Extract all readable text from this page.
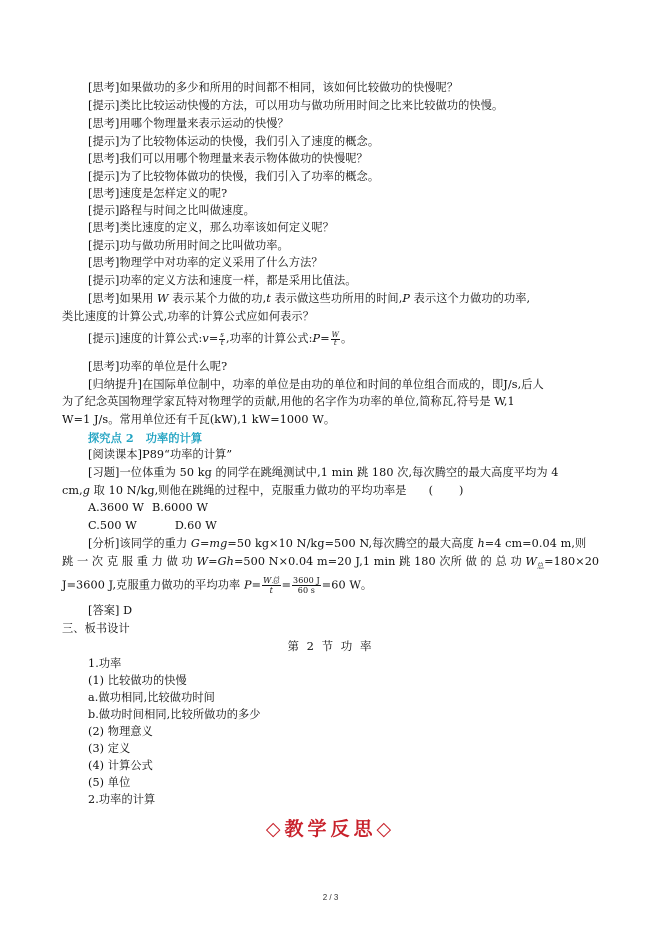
[思考]如果做功的多少和所用的时间都不相同，该如何比较做功的快慢呢？
[提示]类比比较运动快慢的方法，可以用功与做功所用时间之比来比较做功的快慢。
[思考]用哪个物理量来表示运动的快慢？
[提示]为了比较物体运动的快慢，我们引入了速度的概念。
[思考]我们可以用哪个物理量来表示物体做功的快慢呢？
[提示]为了比较物体做功的快慢，我们引入了功率的概念。
[思考]速度是怎样定义的呢?
[提示]路程与时间之比叫做速度。
[思考]类比速度的定义，那么功率该如何定义呢？
[提示]功与做功所用时间之比叫做功率。
[思考]物理学中对功率的定义采用了什么方法？
[提示]功率的定义方法和速度一样，都是采用比值法。
[思考]如果用 W 表示某个力做的功,t 表示做这些功所用的时间,P 表示这个力做功的功率,
类比速度的计算公式,功率的计算公式应如何表示？
[提示]速度的计算公式:v= $\frac{s}{t}$ ,功率的计算公式:P= $\frac{W}{t}$ 。
[思考]功率的单位是什么呢?
[归纳提升]在国际单位制中，功率的单位是由功的单位和时间的单位组合而成的，即J/s,后人
为了纪念英国物理学家瓦特对物理学的贡献,用他的名字作为功率的单位,简称瓦,符号是 W,1
W=1 J/s。常用单位还有千瓦(kW),1 kW=1000 W。
探究点 2 功率的计算
[阅读课本]P89“功率的计算”
[习题]一位体重为 50 kg 的同学在跳绳测试中,1 min 跳 180 次,每次腾空的最大高度平均为 4
cm,g 取 10 N/kg,则他在跳绳的过程中，克服重力做功的平均功率是 ( )
A.3600 W B.6000 W
C.500 W	D.60 W
[分析]该同学的重力 G=mg=50 kg×10 N/kg=500 N,每次腾空的最大高度 h=4 cm=0.04 m,则
跳 一 次 克 服 重 力 做 功 W=Gh=500 N×0.04 m=20 J,1 min 跳 180 次所 做 的 总 功 $W_总=180\times 20$
J=3600 J,克服重力做功的平均功率 $P= \frac{\text{W总}}{t} = \frac{3600 J}{60 s} =60$ W。
[答案] D
三、板书设计
第 2 节 功 率
1.功率
(1) 比较做功的快慢
a.做功相同,比较做功时间
b.做功时间相同,比较所做功的多少
(2) 物理意义
(3) 定义
(4) 计算公式
(5) 单位
2.功率的计算
◇教学反思◇
2 / 3
